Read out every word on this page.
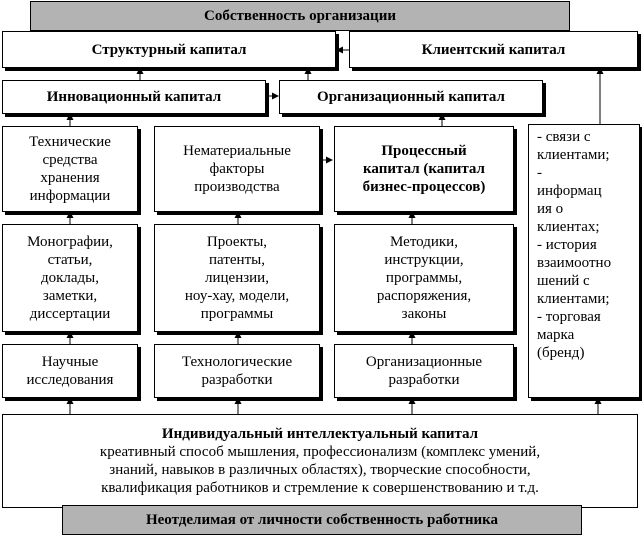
Собственность организации
Структурный капитал	Клиентский капитал
Инновационный капитал	Организационный капитал
Технические
средства
хранения
информации
Нематериальные
факторы
производства
Процессный
капитал (капитал
бизнес-процессов)
- связи с
клиентами;
-
информац
ия о
клиентах;
- история
взаимоотно
шений с
клиентами;
- торговая
марка
(бренд)
Монографии,
статьи,
доклады,
заметки,
диссертации
Проекты,
патенты,
лицензии,
ноу-хау, модели,
программы
Методики,
инструкции,
программы,
распоряжения,
законы
Научные
исследования
Технологические
разработки
Организационные
разработки
Индивидуальный интеллектуальный капитал
креативный способ мышления, профессионализм (комплекс умений,
знаний, навыков в различных областях), творческие способности,
квалификация работников и стремление к совершенствованию и т.д.
Неотделимая от личности собственность работника
